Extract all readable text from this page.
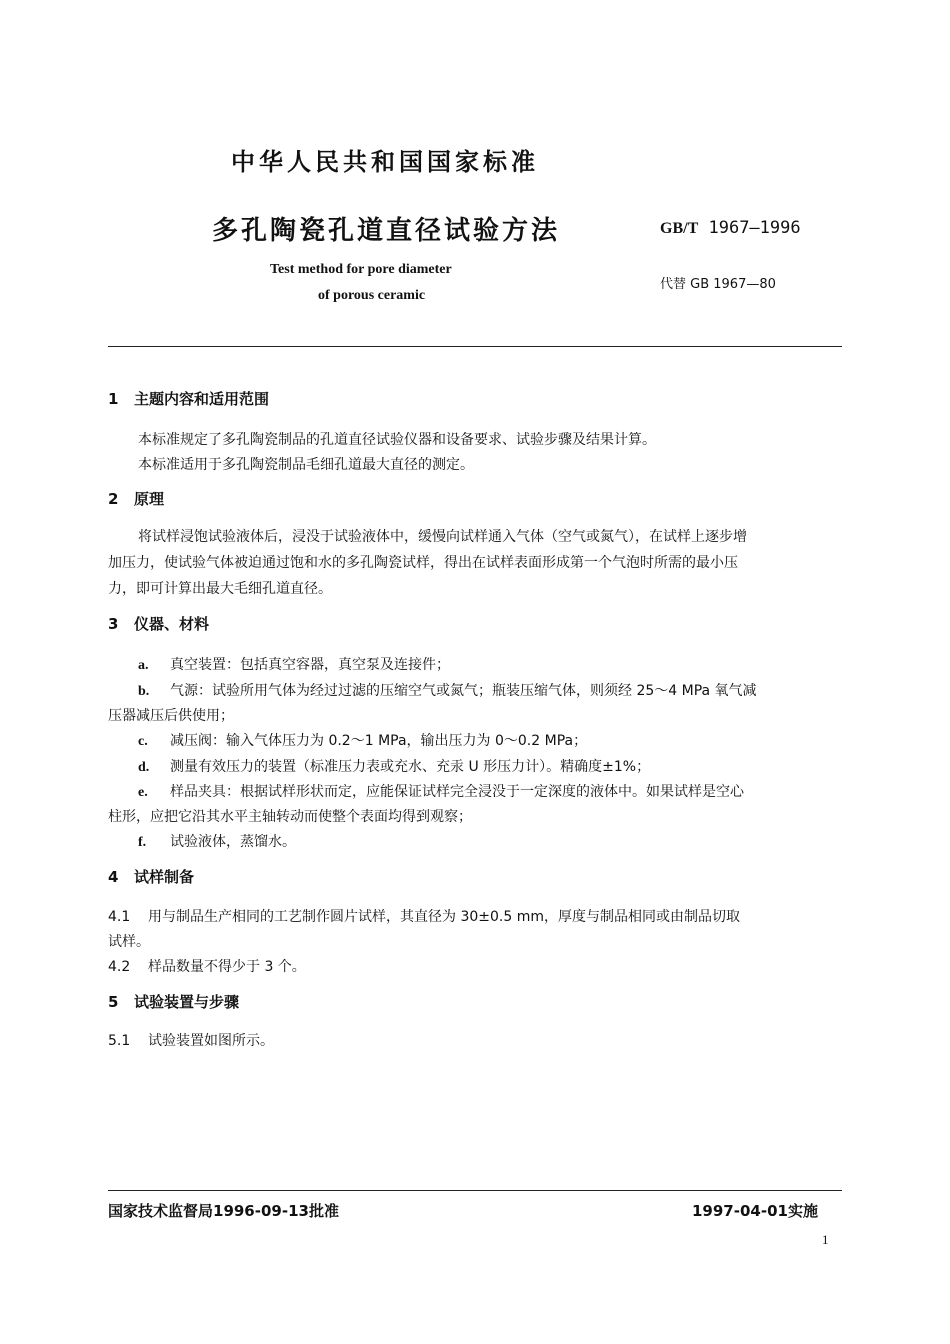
中华人民共和国国家标准
多孔陶瓷孔道直径试验方法	GB/T 1967—1996
Test method for pore diameter
of porous ceramic
代替 GB 1967—80
1 主题内容和适用范围
本标准规定了多孔陶瓷制品的孔道直径试验仪器和设备要求、试验步骤及结果计算。
本标准适用于多孔陶瓷制品毛细孔道最大直径的测定。
2 原理
将试样浸饱试验液体后，浸没于试验液体中，缓慢向试样通入气体（空气或氮气），在试样上逐步增
加压力，使试验气体被迫通过饱和水的多孔陶瓷试样，得出在试样表面形成第一个气泡时所需的最小压
力，即可计算出最大毛细孔道直径。
3 仪器、材料
a. 真空装置：包括真空容器，真空泵及连接件；
b. 气源：试验所用气体为经过过滤的压缩空气或氮气；瓶装压缩气体，则须经 25～4 MPa 氧气减
压器减压后供使用；
c. 减压阀：输入气体压力为 0.2～1 MPa，输出压力为 0～0.2 MPa；
d. 测量有效压力的装置（标准压力表或充水、充汞 U 形压力计）。精确度±1%；
e. 样品夹具：根据试样形状而定，应能保证试样完全浸没于一定深度的液体中。如果试样是空心
柱形，应把它沿其水平主轴转动而使整个表面均得到观察；
f. 试验液体，蒸馏水。
4 试样制备
4.1 用与制品生产相同的工艺制作圆片试样，其直径为 30±0.5 mm，厚度与制品相同或由制品切取
试样。
4.2 样品数量不得少于 3 个。
5 试验装置与步骤
5.1 试验装置如图所示。
国家技术监督局1996-09-13批准	1997-04-01实施
1
